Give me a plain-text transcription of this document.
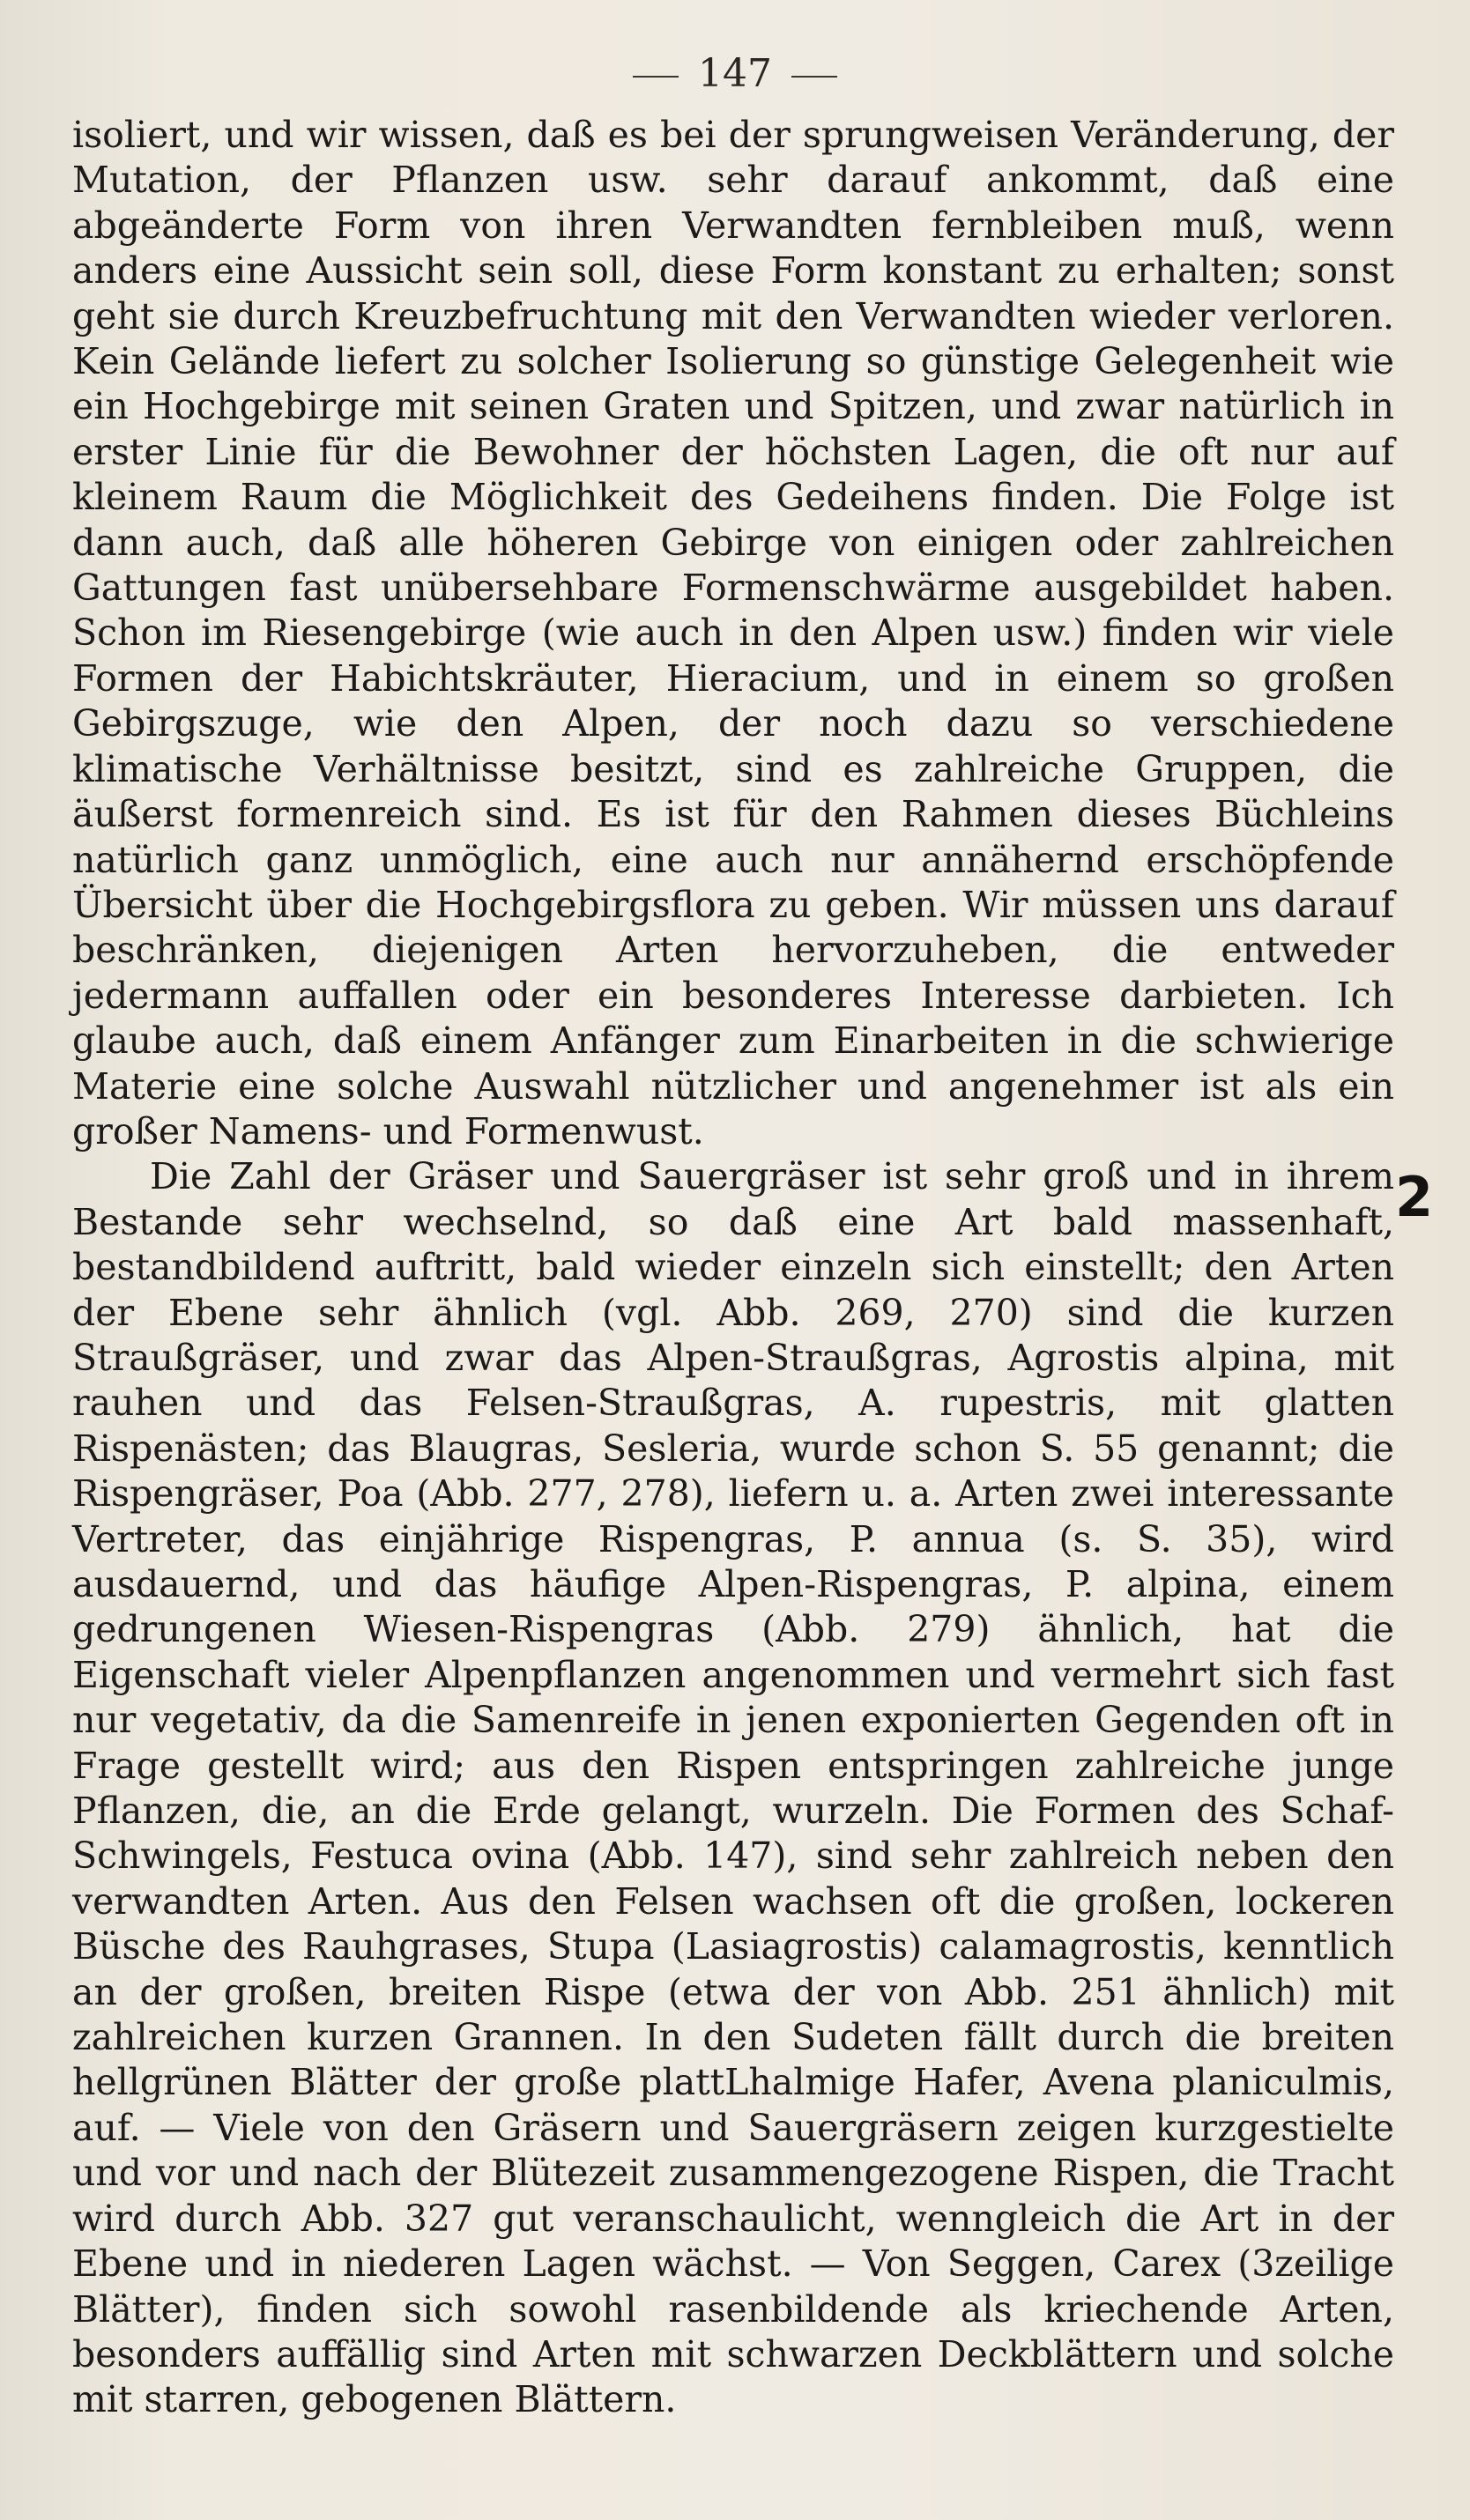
147

isoliert, und wir wissen, daß es bei der sprungweisen Veränderung, der Mutation, der Pflanzen usw. sehr darauf ankommt, daß eine abgeänderte Form von ihren Verwandten fernbleiben muß, wenn anders eine Aussicht sein soll, diese Form konstant zu erhalten; sonst geht sie durch Kreuzbefruchtung mit den Verwandten wieder verloren. Kein Gelände liefert zu solcher Isolierung so günstige Gelegenheit wie ein Hochgebirge mit seinen Graten und Spitzen, und zwar natürlich in erster Linie für die Bewohner der höchsten Lagen, die oft nur auf kleinem Raum die Möglichkeit des Gedeihens finden. Die Folge ist dann auch, daß alle höheren Gebirge von einigen oder zahlreichen Gattungen fast unübersehbare Formenschwärme ausgebildet haben. Schon im Riesengebirge (wie auch in den Alpen usw.) finden wir viele Formen der Habichtskräuter, Hieracium, und in einem so großen Gebirgszuge, wie den Alpen, der noch dazu so verschiedene klimatische Verhältnisse besitzt, sind es zahlreiche Gruppen, die äußerst formenreich sind. Es ist für den Rahmen dieses Büchleins natürlich ganz unmöglich, eine auch nur annähernd erschöpfende Übersicht über die Hochgebirgsflora zu geben. Wir müssen uns darauf beschränken, diejenigen Arten hervorzuheben, die entweder jedermann auffallen oder ein besonderes Interesse darbieten. Ich glaube auch, daß einem Anfänger zum Einarbeiten in die schwierige Materie eine solche Auswahl nützlicher und angenehmer ist als ein großer Namens- und Formenwust.

Die Zahl der Gräser und Sauergräser ist sehr groß und in ihrem Bestande sehr wechselnd, so daß eine Art bald massenhaft, bestandbildend auftritt, bald wieder einzeln sich einstellt; den Arten der Ebene sehr ähnlich (vgl. Abb. 269, 270) sind die kurzen Straußgräser, und zwar das Alpen-Straußgras, Agrostis alpina, mit rauhen und das Felsen-Straußgras, A. rupestris, mit glatten Rispenästen; das Blaugras, Sesleria, wurde schon S. 55 genannt; die Rispengräser, Poa (Abb. 277, 278), liefern u. a. Arten zwei interessante Vertreter, das einjährige Rispengras, P. annua (s. S. 35), wird ausdauernd, und das häufige Alpen-Rispengras, P. alpina, einem gedrungenen Wiesen-Rispengras (Abb. 279) ähnlich, hat die Eigenschaft vieler Alpenpflanzen angenommen und vermehrt sich fast nur vegetativ, da die Samenreife in jenen exponierten Gegenden oft in Frage gestellt wird; aus den Rispen entspringen zahlreiche junge Pflanzen, die, an die Erde gelangt, wurzeln. Die Formen des Schaf-Schwingels, Festuca ovina (Abb. 147), sind sehr zahlreich neben den verwandten Arten. Aus den Felsen wachsen oft die großen, lockeren Büsche des Rauhgrases, Stupa (Lasiagrostis) calamagrostis, kenntlich an der großen, breiten Rispe (etwa der von Abb. 251 ähnlich) mit zahlreichen kurzen Grannen. In den Sudeten fällt durch die breiten hellgrünen Blätter der große plattLhalmige Hafer, Avena planiculmis, auf. — Viele von den Gräsern und Sauergräsern zeigen kurzgestielte und vor und nach der Blütezeit zusammengezogene Rispen, die Tracht wird durch Abb. 327 gut veranschaulicht, wenngleich die Art in der Ebene und in niederen Lagen wächst. — Von Seggen, Carex (3zeilige Blätter), finden sich sowohl rasenbildende als kriechende Arten, besonders auffällig sind Arten mit schwarzen Deckblättern und solche mit starren, gebogenen Blättern.

2
